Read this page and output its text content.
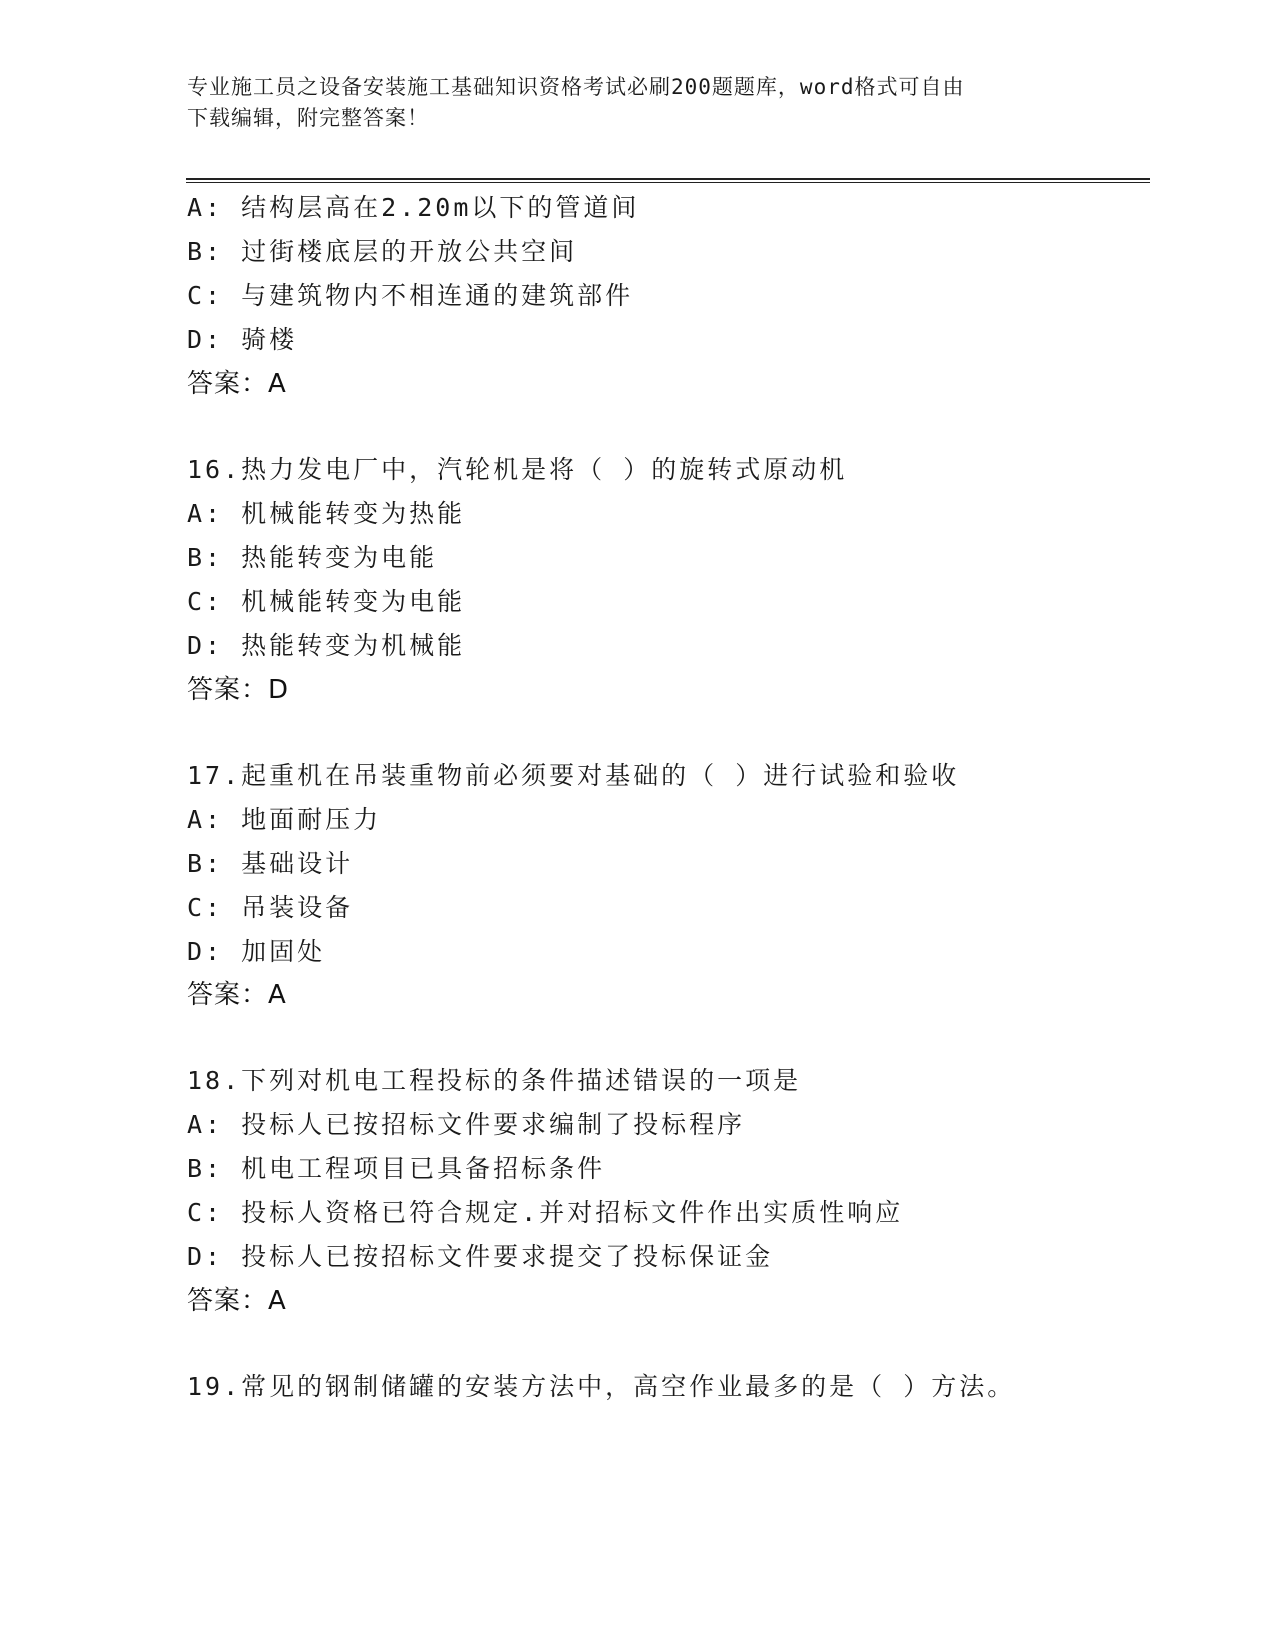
专业施工员之设备安装施工基础知识资格考试必刷200题题库，word格式可自由
下载编辑，附完整答案！
A: 结构层高在2.20m以下的管道间
B: 过街楼底层的开放公共空间
C: 与建筑物内不相连通的建筑部件
D: 骑楼
答案：A
16.热力发电厂中，汽轮机是将（ ）的旋转式原动机
A: 机械能转变为热能
B: 热能转变为电能
C: 机械能转变为电能
D: 热能转变为机械能
答案：D
17.起重机在吊装重物前必须要对基础的（ ）进行试验和验收
A: 地面耐压力
B: 基础设计
C: 吊装设备
D: 加固处
答案：A
18.下列对机电工程投标的条件描述错误的一项是
A: 投标人已按招标文件要求编制了投标程序
B: 机电工程项目已具备招标条件
C: 投标人资格已符合规定.并对招标文件作出实质性响应
D: 投标人已按招标文件要求提交了投标保证金
答案：A
19.常见的钢制储罐的安装方法中，高空作业最多的是（ ）方法。
